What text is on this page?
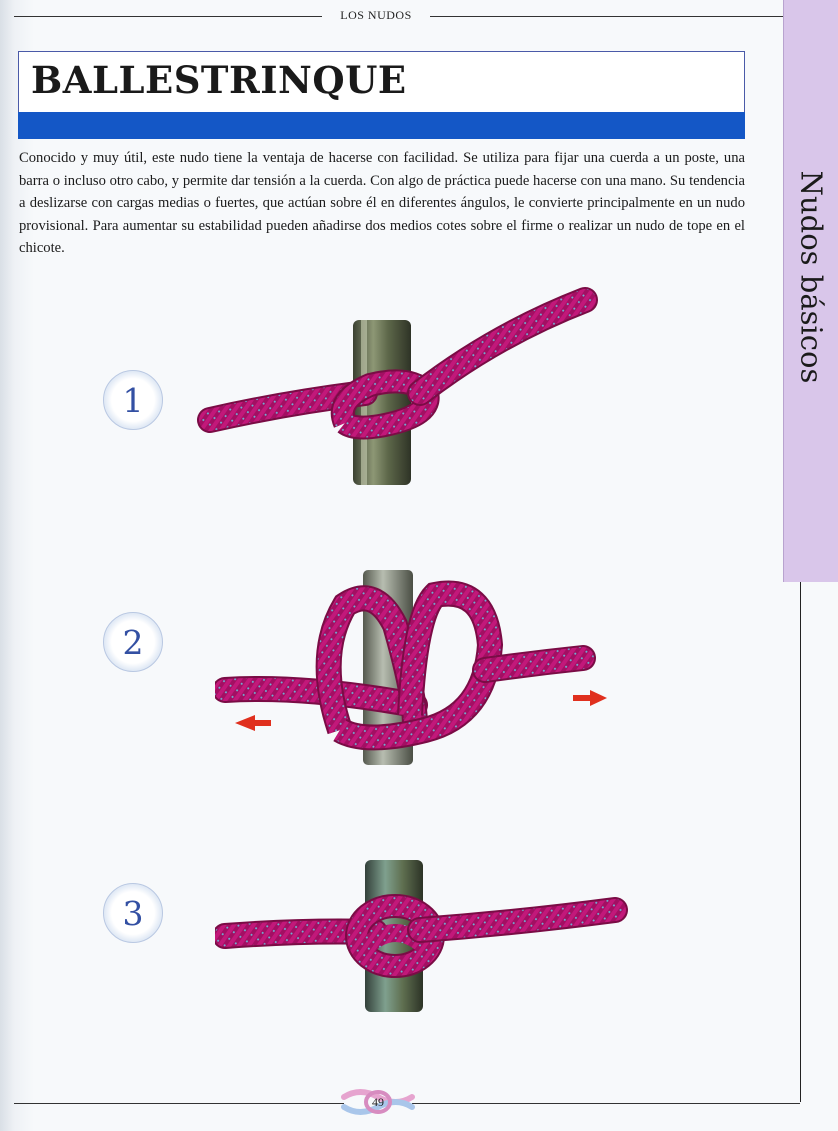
LOS NUDOS
BALLESTRINQUE

Conocido y muy útil, este nudo tiene la ventaja de hacerse con facilidad. Se utiliza para fijar una cuerda a un poste, una barra o incluso otro cabo, y permite dar tensión a la cuerda. Con algo de práctica puede hacerse con una mano. Su tendencia a deslizarse con cargas medias o fuertes, que actúan sobre él en diferentes ángulos, le convierte principalmente en un nudo provisional. Para aumentar su estabilidad pueden añadirse dos medios cotes sobre el firme o realizar un nudo de tope en el chicote.	Nudos básicos
1
2
3
49
